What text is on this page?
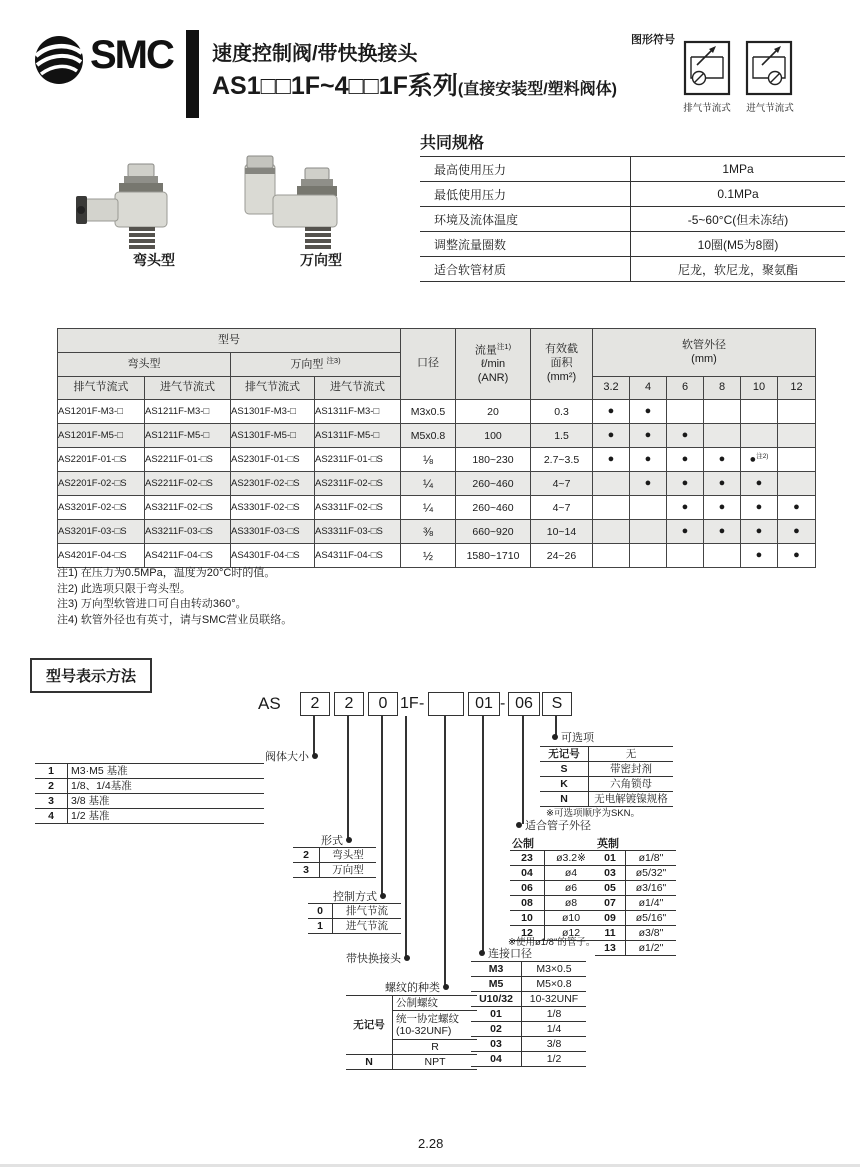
SMC 速度控制阀/带快换接头
AS1□□1F~4□□1F系列(直接安装型/塑料阀体)
图形符号
排气节流式	进气节流式
弯头型	万向型
共同规格
最高使用压力	1MPa
最低使用压力	0.1MPa
环境及流体温度	-5~60°C(但未冻结)
调整流量圈数	10圈(M5为8圈)
适合软管材质	尼龙，软尼龙，聚氨酯
型号	口径	
流量$^{注1)}$
ℓ/min
(ANR)

有效截
面积
(mm²)

软管外径
(mm)

弯头型		万向型 $^{注3)}$
排气节流式	进气节流式	排气节流式	进气节流式				3.2	4	6	8	10	12
AS1201F-M3-□	AS1211F-M3-□	AS1301F-M3-□	AS1311F-M3-□	M3x0.5	20	0.3	●	●				
AS1201F-M5-□	AS1211F-M5-□	AS1301F-M5-□	AS1311F-M5-□	M5x0.8	100	1.5	●	●	●			
AS2201F-01-□S	AS2211F-01-□S	AS2301F-01-□S	AS2311F-01-□S	⅛	180~230	2.7~3.5	●	●	●	●	●$^{注2)}$	
AS2201F-02-□S	AS2211F-02-□S	AS2301F-02-□S	AS2311F-02-□S	¼	260~460	4~7		●	●	●	●	
AS3201F-02-□S	AS3211F-02-□S	AS3301F-02-□S	AS3311F-02-□S	¼	260~460	4~7			●	●	●	●
AS3201F-03-□S	AS3211F-03-□S	AS3301F-03-□S	AS3311F-03-□S	⅜	660~920	10~14			●	●	●	●
AS4201F-04-□S	AS4211F-04-□S	AS4301F-04-□S	AS4311F-04-□S	½	1580~1710	24~26					●	●
注1) 在压力为0.5MPa，温度为20°C时的值。
注2) 此选项只限于弯头型。
注3) 万向型软管进口可自由转动360°。
注4) 软管外径也有英寸，请与SMC营业员联络。
型号表示方法
AS	2	2	0 1F -	01 - 06	S
阀体大小
1	M3·M5 基准
2	1/8、1/4基准
3	3/8 基准
4	1/2 基准
形式
2	弯头型
3	万向型
控制方式
0	排气节流
1	进气节流
带快换接头
螺纹的种类
无记号	公制螺纹
	统一协定螺纹(10-32UNF)
	R
N	NPT
连接口径
M3	M3×0.5
M5	M5×0.8
U10/32	10-32UNF
01	1/8
02	1/4
03	3/8
04	1/2
适合管子外径
公制
23	ø3.2※
04	ø4
06	ø6
08	ø8
10	ø10
12	ø12
※使用ø1/8"的管子。
英制
01	ø1/8"
03	ø5/32"
05	ø3/16"
07	ø1/4"
09	ø5/16"
11	ø3/8"
13	ø1/2"
可选项
无记号	无
S	带密封剂
K	六角锁母
N	无电解镀镍规格
※可选项顺序为SKN。
2.28
